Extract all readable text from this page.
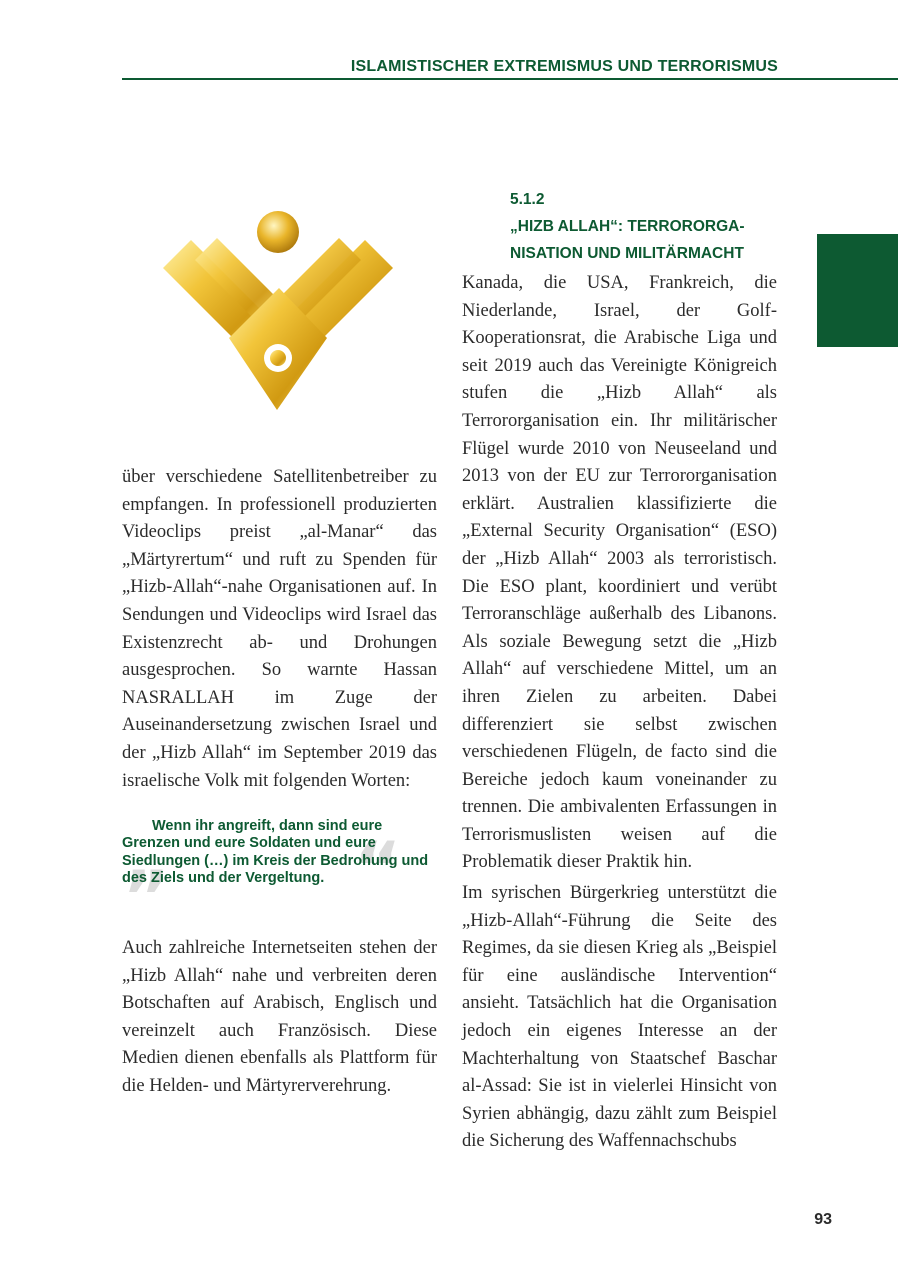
ISLAMISTISCHER EXTREMISMUS UND TERRORISMUS
5.1.2
„HIZB ALLAH“: TERRORORGA-NISATION UND MILITÄRMACHT

über verschiedene Satellitenbetreiber zu empfangen. In professionell produzierten Videoclips preist „al-Manar“ das „Märtyrertum“ und ruft zu Spenden für „Hizb-Allah“-nahe Organisationen auf. In Sendungen und Videoclips wird Israel das Existenzrecht ab- und Drohungen ausgesprochen. So warnte Hassan NASRALLAH im Zuge der Auseinandersetzung zwischen Israel und der „Hizb Allah“ im September 2019 das israelische Volk mit folgenden Worten:

„	“

Wenn ihr angreift, dann sind eure Grenzen und eure Soldaten und eure Siedlungen (…) im Kreis der Bedrohung und des Ziels und der Vergeltung.

Auch zahlreiche Internetseiten stehen der „Hizb Allah“ nahe und verbreiten deren Botschaften auf Arabisch, Englisch und vereinzelt auch Französisch. Diese Medien dienen ebenfalls als Plattform für die Helden- und Märtyrerverehrung.

Kanada, die USA, Frankreich, die Niederlande, Israel, der Golf-Kooperationsrat, die Arabische Liga und seit 2019 auch das Vereinigte Königreich stufen die „Hizb Allah“ als Terrororganisation ein. Ihr militärischer Flügel wurde 2010 von Neuseeland und 2013 von der EU zur Terrororganisation erklärt. Australien klassifizierte die „External Security Organisation“ (ESO) der „Hizb Allah“ 2003 als terroristisch. Die ESO plant, koordiniert und verübt Terroranschläge außerhalb des Libanons. Als soziale Bewegung setzt die „Hizb Allah“ auf verschiedene Mittel, um an ihren Zielen zu arbeiten. Dabei differenziert sie selbst zwischen verschiedenen Flügeln, de facto sind die Bereiche jedoch kaum voneinander zu trennen. Die ambivalenten Erfassungen in Terrorismuslisten weisen auf die Problematik dieser Praktik hin.

Im syrischen Bürgerkrieg unterstützt die „Hizb-Allah“-Führung die Seite des Regimes, da sie diesen Krieg als „Beispiel für eine ausländische Intervention“ ansieht. Tatsächlich hat die Organisation jedoch ein eigenes Interesse an der Machterhaltung von Staatschef Baschar al-Assad: Sie ist in vielerlei Hinsicht von Syrien abhängig, dazu zählt zum Beispiel die Sicherung des Waffennachschubs

93
